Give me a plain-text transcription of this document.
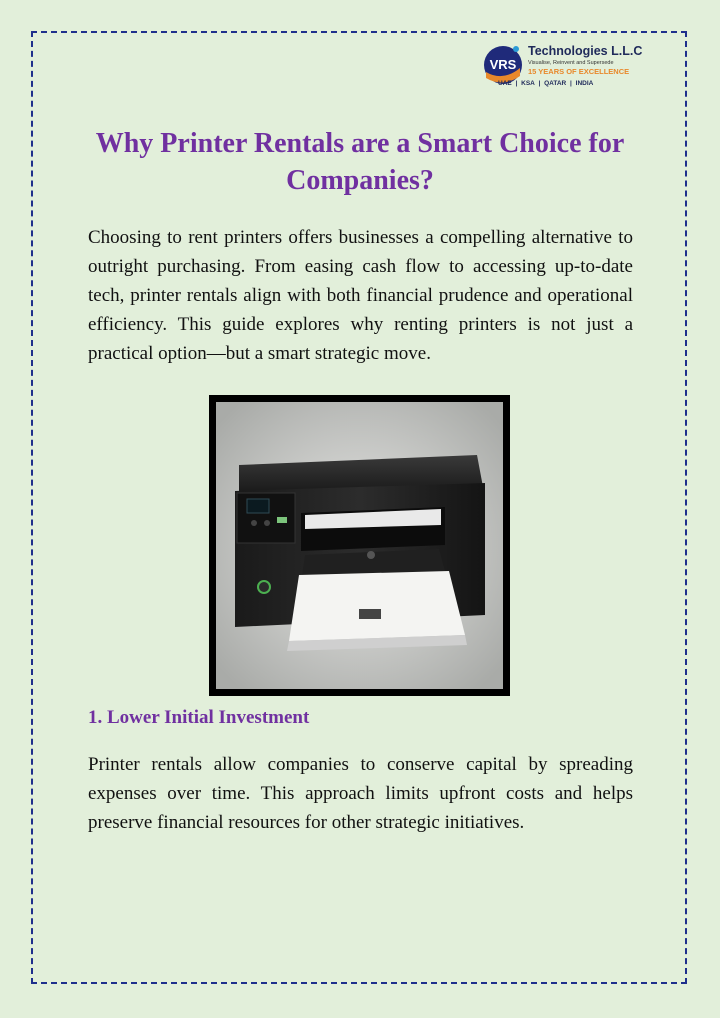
VRS
Technologies L.L.C
Visualise, Reinvent and Supersede
15 YEARS OF EXCELLENCE
UAE | KSA | QATAR | INDIA
Why Printer Rentals are a Smart Choice for Companies?

Choosing to rent printers offers businesses a compelling alternative to outright purchasing. From easing cash flow to accessing up-to-date tech, printer rentals align with both financial prudence and operational efficiency. This guide explores why renting printers is not just a practical option—but a smart strategic move.

1. Lower Initial Investment

Printer rentals allow companies to conserve capital by spreading expenses over time. This approach limits upfront costs and helps preserve financial resources for other strategic initiatives.
